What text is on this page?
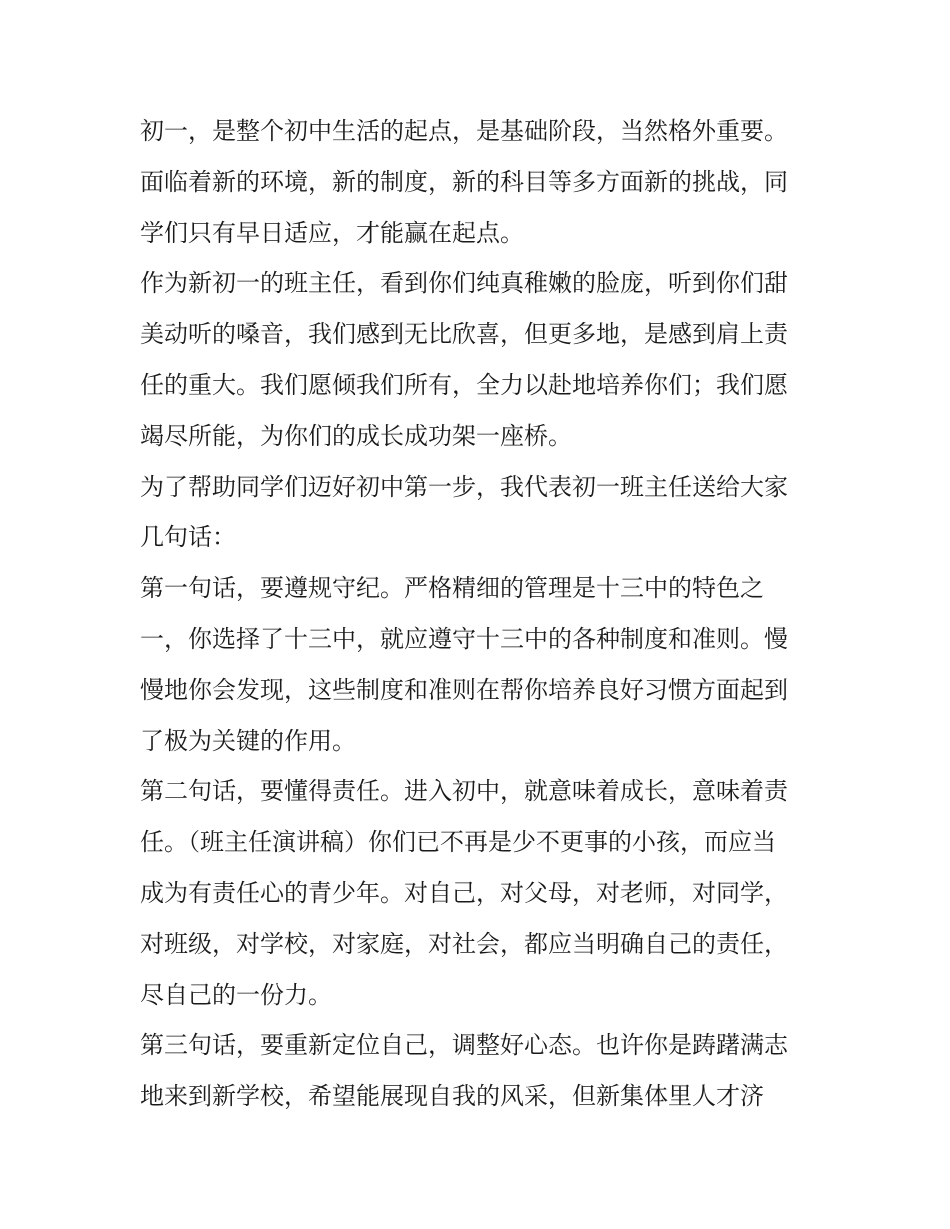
初一，是整个初中生活的起点，是基础阶段，当然格外重要。
面临着新的环境，新的制度，新的科目等多方面新的挑战，同
学们只有早日适应，才能赢在起点。
作为新初一的班主任，看到你们纯真稚嫩的脸庞，听到你们甜
美动听的嗓音，我们感到无比欣喜，但更多地，是感到肩上责
任的重大。我们愿倾我们所有，全力以赴地培养你们；我们愿
竭尽所能，为你们的成长成功架一座桥。
为了帮助同学们迈好初中第一步，我代表初一班主任送给大家
几句话：
第一句话，要遵规守纪。严格精细的管理是十三中的特色之
一，你选择了十三中，就应遵守十三中的各种制度和准则。慢
慢地你会发现，这些制度和准则在帮你培养良好习惯方面起到
了极为关键的作用。
第二句话，要懂得责任。进入初中，就意味着成长，意味着责
任。（班主任演讲稿）你们已不再是少不更事的小孩，而应当
成为有责任心的青少年。对自己，对父母，对老师，对同学，
对班级，对学校，对家庭，对社会，都应当明确自己的责任，
尽自己的一份力。
第三句话，要重新定位自己，调整好心态。也许你是踌躇满志
地来到新学校，希望能展现自我的风采，但新集体里人才济
